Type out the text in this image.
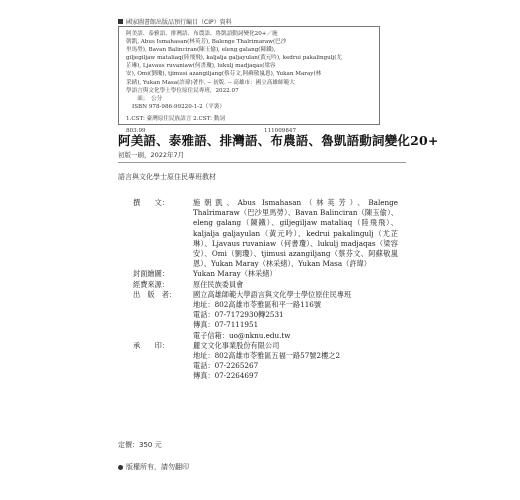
國家圖書館出版品預行編目（CIP）資料
阿美語、泰雅語、排灣語、布農語、魯凱語動詞變化20+／施
朝凱, Abus Ismahasan(林英芳), Balenge Thalrimaraw(巴沙
里馬勞), Bavan Balinciran(陳玉偷), eleng galang(陳鐵),
giljegiljaw mataliaq(陸飛飛), kaljalja galjayulan(黃元吟), kedrui pakalingulj(尤
芷琳), Ljavaus ruvaniaw(何書瓊), lukulj madjaqas(梁容
安), Omi(劉瓊), tjimusi azangiljang(蔡芬文,阿蘇敬嵐恩), Yukan Maray(林
采緒), Yukan Masa(許瑋)著作. -- 初版. -- 高雄市：國立高雄師範大
學語言與文化學士學位原住民專班，2022.07
　　面；　公分
ISBN 978-986-99220-1-2（平裝）
1.CST: 臺灣原住民族語言 2.CST: 動詞
803.99	111009847
阿美語、泰雅語、排灣語、布農語、魯凱語動詞變化20+
初版一刷，2022年7月
語言與文化學士原住民專班教材
撰　　文：	施朝凱、Abus Ismahasan（林英芳）、Balenge Thalrimaraw（巴沙里馬勞）、Bavan Balinciran（陳玉偷）、eleng galang（陳鐵）、giljegiljaw mataliaq（陸飛飛）、kaljalja galjayulan（黃元吟）、kedrui pakalingulj（尤芷琳）、Ljavaus ruvaniaw（何書瓊）、lukulj madjaqas（梁容安）、Omi（劉瓊）、tjimusi azangiljang（蔡芬文、阿蘇敬嵐恩）、Yukan Maray（林采緒）、Yukan Masa（許瑋）
封面繪圖：	Yukan Maray（林采緒）
經費來源：	原住民族委員會
出　版　者：	國立高雄師範大學語言與文化學士學位原住民專班
地址：802高雄市苓雅區和平一路116號
電話：07-7172930轉2531
傳真：07-7111951
電子信箱：uo@nknu.edu.tw
承　　印：	麗文文化事業股份有限公司
地址：802高雄市苓雅區五福一路57號2樓之2
電話：07-2265267
傳真：07-2264697
定價：350 元
版權所有，請勿翻印
